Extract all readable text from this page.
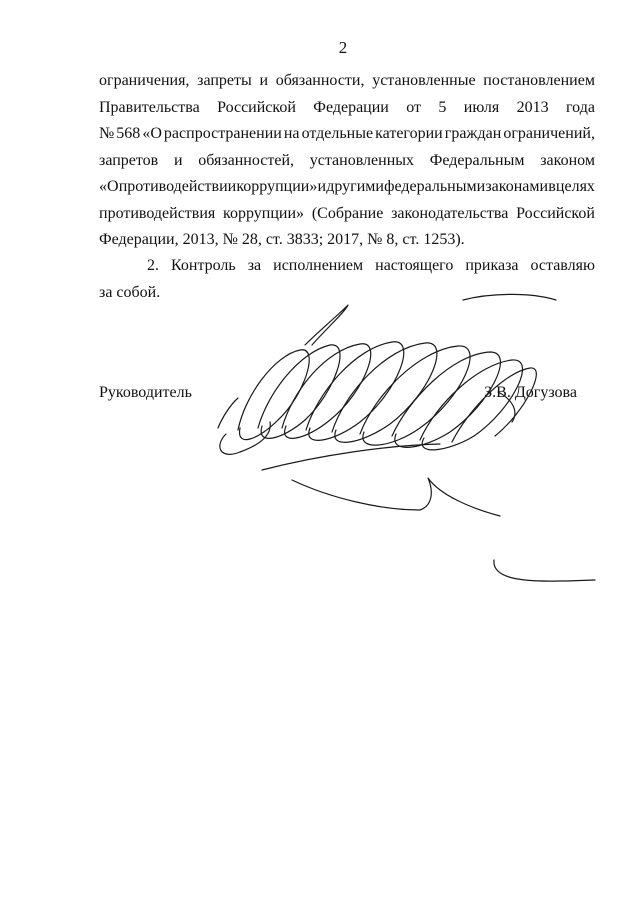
2
ограничения, запреты и обязанности, установленные постановлением
Правительства Российской Федерации от 5 июля 2013 года
№ 568 «О распространении на отдельные категории граждан ограничений,
запретов и обязанностей, установленных Федеральным законом
«О противодействии коррупции» и другими федеральными законами в целях
противодействия коррупции» (Собрание законодательства Российской
Федерации, 2013, № 28, ст. 3833; 2017, № 8, ст. 1253).
2. Контроль за исполнением настоящего приказа оставляю
за собой.
Руководитель	З.В. Догузова
